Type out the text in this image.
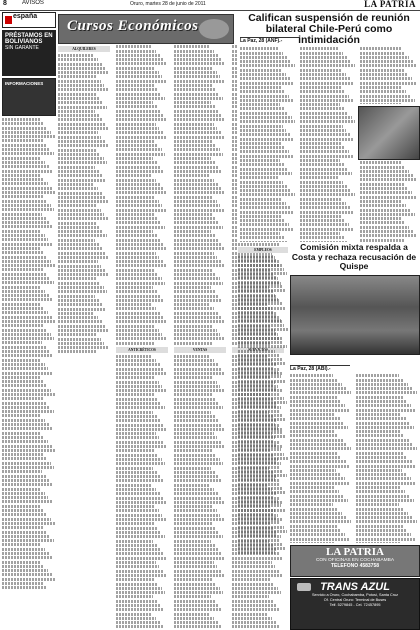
8	AVISOS	Oruro, martes 28 de junio de 2011	LA PATRIA
españa
PRÉSTAMOS EN BOLIVIANOS
SIN GARANTE
INFORMACIONES
Cursos Económicos
ALQUILERES
ANTICRÉTICOS	VENTAS
Califican suspensión de reunión bilateral Chile-Perú como intimidación
La Paz, 28 (ANF).-
EMPLEOS	Comisión mixta respalda a Costa y rechaza recusación de Quispe
La Paz, 28 (ABI).-
LA PATRIA
CON OFICINAS EN COCHABAMBA
TELEFONO 4583758
TRANS AZUL
Servicio a Oruro, Cochabamba, Potosí, Santa Cruz
Of. Central Oruro: Terminal de Buses
Telf. 5279845 - Cel. 72457895
